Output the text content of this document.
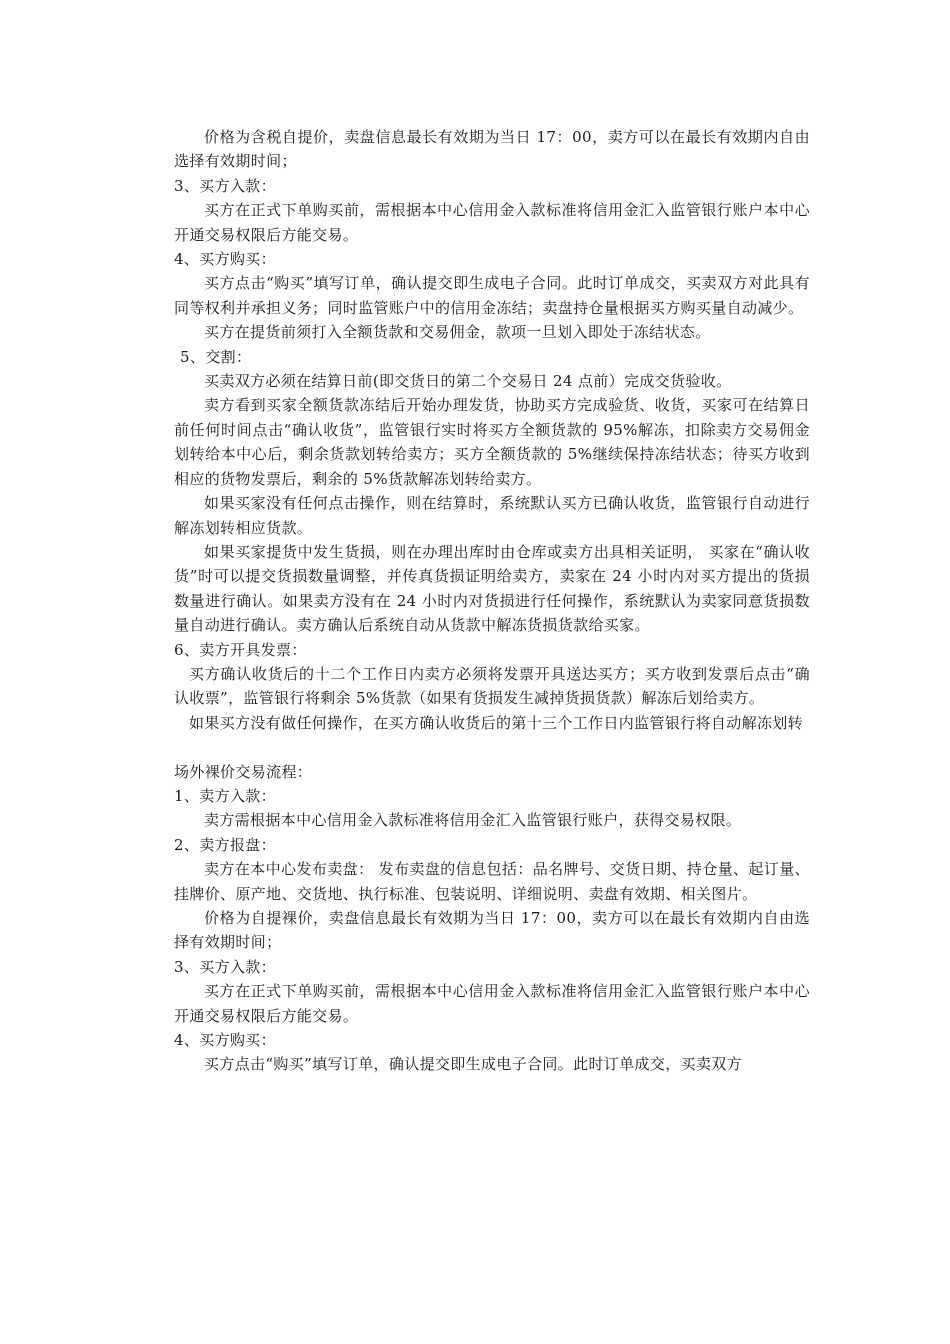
价格为含税自提价，卖盘信息最长有效期为当日 17：00，卖方可以在最长有效期内自由选择有效期时间；

3、买方入款：

买方在正式下单购买前，需根据本中心信用金入款标准将信用金汇入监管银行账户本中心开通交易权限后方能交易。

4、买方购买：

买方点击“购买”填写订单，确认提交即生成电子合同。此时订单成交，买卖双方对此具有同等权利并承担义务；同时监管账户中的信用金冻结；卖盘持仓量根据买方购买量自动减少。

买方在提货前须打入全额货款和交易佣金，款项一旦划入即处于冻结状态。

5、交割：

买卖双方必须在结算日前(即交货日的第二个交易日 24 点前）完成交货验收。

卖方看到买家全额货款冻结后开始办理发货，协助买方完成验货、收货，买家可在结算日前任何时间点击“确认收货”，监管银行实时将买方全额货款的 95%解冻，扣除卖方交易佣金划转给本中心后，剩余货款划转给卖方；买方全额货款的 5%继续保持冻结状态；待买方收到相应的货物发票后，剩余的 5%货款解冻划转给卖方。

如果买家没有任何点击操作，则在结算时，系统默认买方已确认收货，监管银行自动进行解冻划转相应货款。

如果买家提货中发生货损，则在办理出库时由仓库或卖方出具相关证明， 买家在“确认收货”时可以提交货损数量调整，并传真货损证明给卖方，卖家在 24 小时内对买方提出的货损数量进行确认。如果卖方没有在 24 小时内对货损进行任何操作，系统默认为卖家同意货损数量自动进行确认。卖方确认后系统自动从货款中解冻货损货款给买家。

6、卖方开具发票：

买方确认收货后的十二个工作日内卖方必须将发票开具送达买方；买方收到发票后点击“确认收票”，监管银行将剩余 5%货款（如果有货损发生减掉货损货款）解冻后划给卖方。

如果买方没有做任何操作，在买方确认收货后的第十三个工作日内监管银行将自动解冻划转

场外裸价交易流程：

1、卖方入款：

卖方需根据本中心信用金入款标准将信用金汇入监管银行账户，获得交易权限。

2、卖方报盘：

卖方在本中心发布卖盘： 发布卖盘的信息包括：品名牌号、交货日期、持仓量、起订量、挂牌价、原产地、交货地、执行标准、包装说明、详细说明、卖盘有效期、相关图片。

价格为自提裸价，卖盘信息最长有效期为当日 17：00，卖方可以在最长有效期内自由选择有效期时间；

3、买方入款：

买方在正式下单购买前，需根据本中心信用金入款标准将信用金汇入监管银行账户本中心开通交易权限后方能交易。

4、买方购买：

买方点击“购买”填写订单，确认提交即生成电子合同。此时订单成交，买卖双方
